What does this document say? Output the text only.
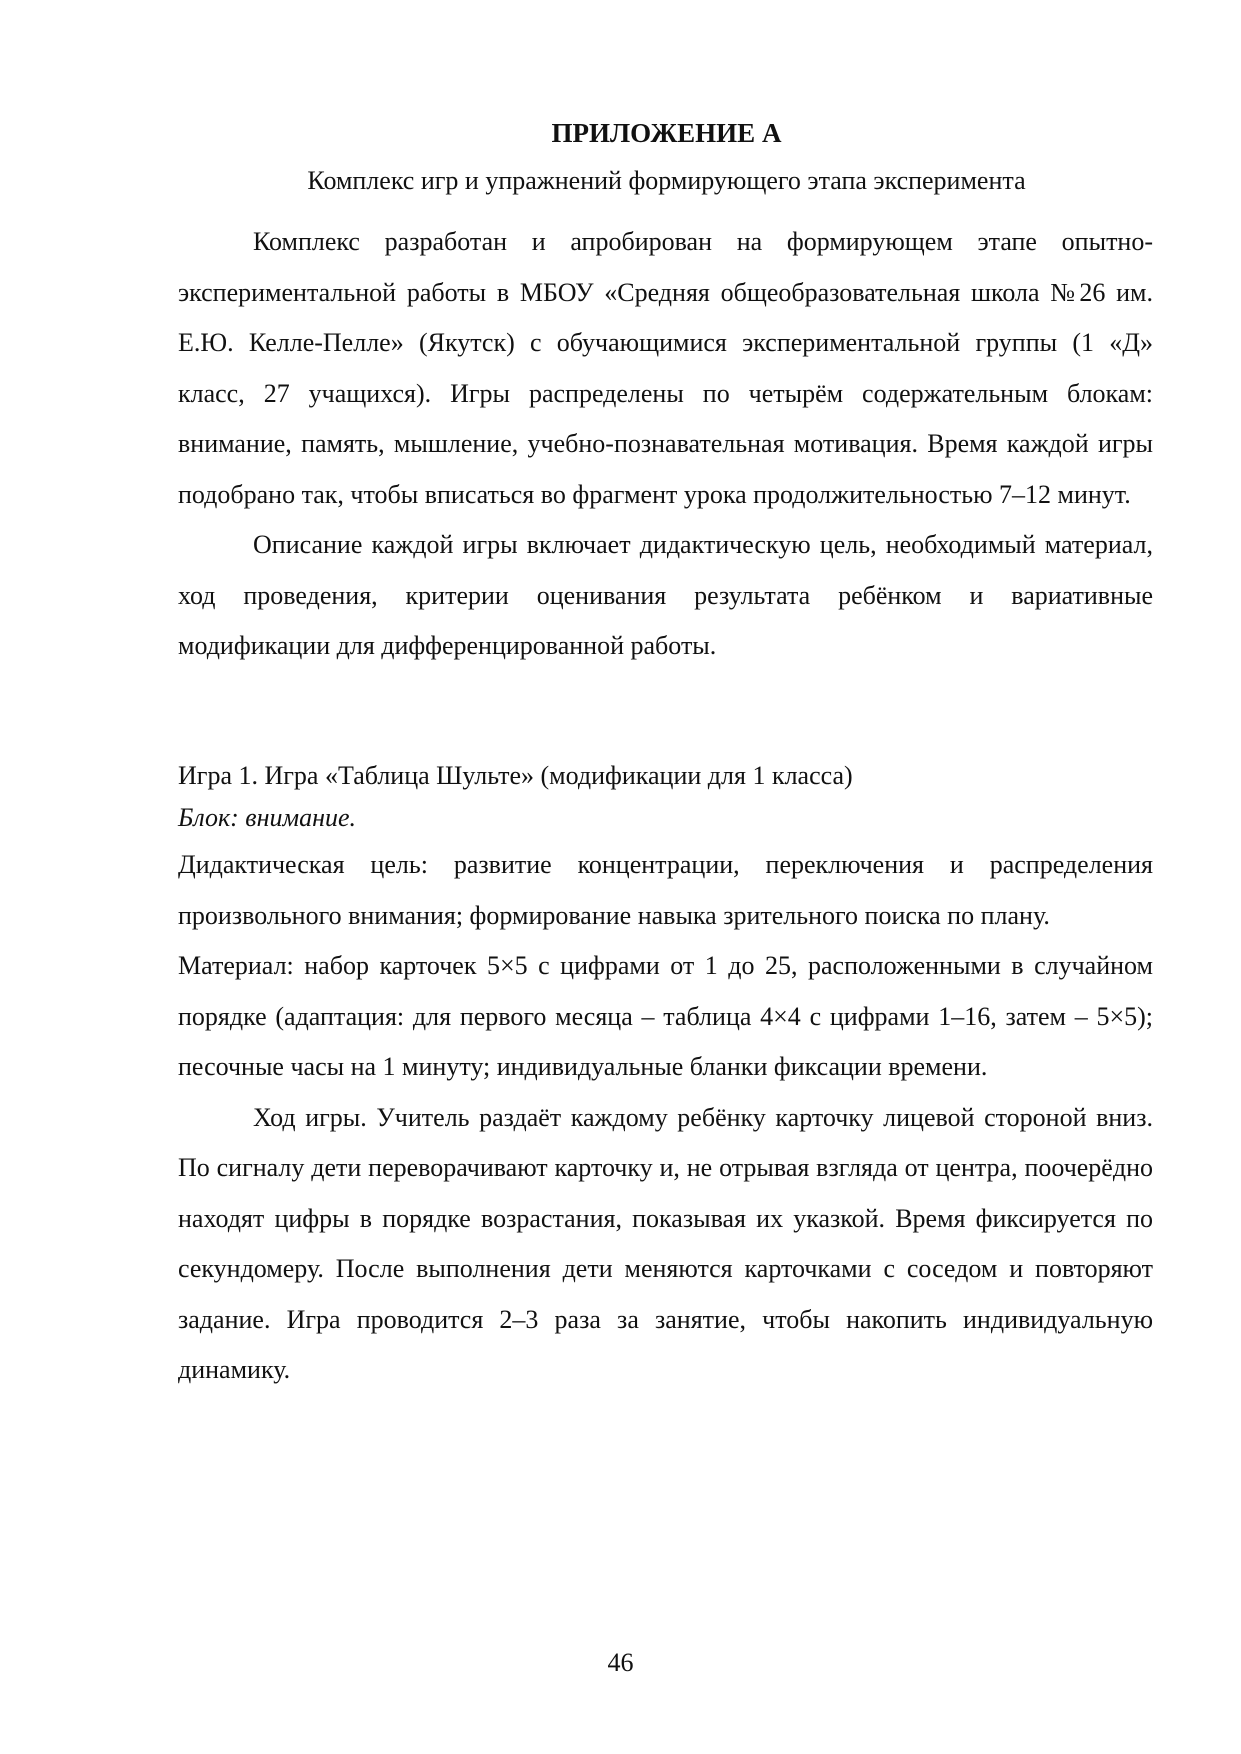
ПРИЛОЖЕНИЕ А
Комплекс игр и упражнений формирующего этапа эксперимента

Комплекс разработан и апробирован на формирующем этапе опытно-экспериментальной работы в МБОУ «Средняя общеобразовательная школа №26 им. Е.Ю. Келле-Пелле» (Якутск) с обучающимися экспериментальной группы (1 «Д» класс, 27 учащихся). Игры распределены по четырём содержательным блокам: внимание, память, мышление, учебно-познавательная мотивация. Время каждой игры подобрано так, чтобы вписаться во фрагмент урока продолжительностью 7–12 минут.

Описание каждой игры включает дидактическую цель, необходимый материал, ход проведения, критерии оценивания результата ребёнком и вариативные модификации для дифференцированной работы.

Игра 1. Игра «Таблица Шульте» (модификации для 1 класса)

Блок: внимание.

Дидактическая цель: развитие концентрации, переключения и распределения произвольного внимания; формирование навыка зрительного поиска по плану.

Материал: набор карточек 5×5 с цифрами от 1 до 25, расположенными в случайном порядке (адаптация: для первого месяца – таблица 4×4 с цифрами 1–16, затем – 5×5); песочные часы на 1 минуту; индивидуальные бланки фиксации времени.

Ход игры. Учитель раздаёт каждому ребёнку карточку лицевой стороной вниз. По сигналу дети переворачивают карточку и, не отрывая взгляда от центра, поочерёдно находят цифры в порядке возрастания, показывая их указкой. Время фиксируется по секундомеру. После выполнения дети меняются карточками с соседом и повторяют задание. Игра проводится 2–3 раза за занятие, чтобы накопить индивидуальную динамику.

46
